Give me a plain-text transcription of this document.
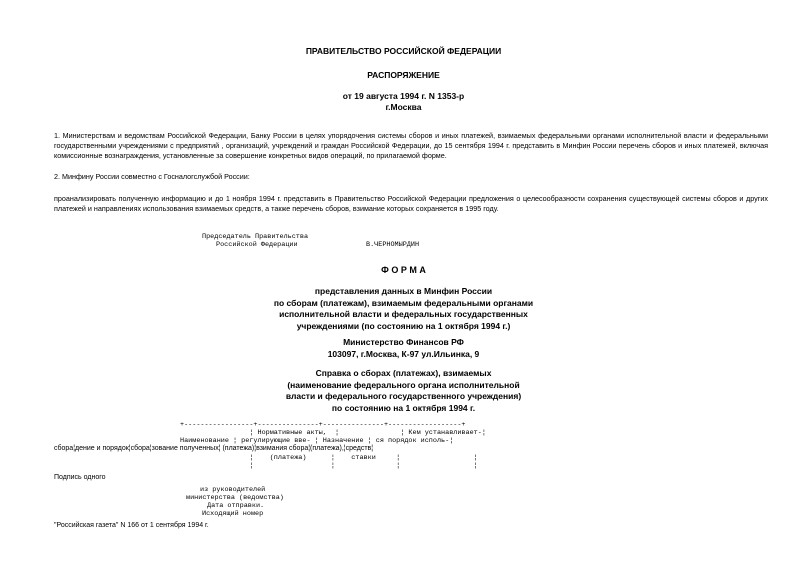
ПРАВИТЕЛЬСТВО РОССИЙСКОЙ ФЕДЕРАЦИИ
РАСПОРЯЖЕНИЕ
от 19 августа 1994 г. N 1353-р
г.Москва
1. Министерствам и ведомствам Российской Федерации, Банку России в целях упорядочения системы сборов и иных платежей, взимаемых федеральными органами исполнительной власти и федеральными государственными учреждениями с предприятий , организаций, учреждений и граждан Российской Федерации, до 15 сентября 1994 г. представить в Минфин России перечень сборов и иных платежей, включая комиссионные вознаграждения, установленные за совершение конкретных видов операций, по прилагаемой форме.
2. Минфину России совместно с Госналогслужбой России:
проанализировать полученную информацию и до 1 ноября 1994 г. представить в Правительство Российской Федерации предложения о целесообразности сохранения существующей системы сборов и других платежей и направлениях использования взимаемых средств, а также перечень сборов, взимание которых сохраняется в 1995 году.
Председатель Правительства
Российской Федерации	В.ЧЕРНОМЫРДИН
Ф О Р М А
представления данных в Минфин России
по сборам (платежам), взимаемым федеральными органами
исполнительной власти и федеральных государственных
учреждениями (по состоянию на 1 октября 1994 г.)
Министерство Финансов РФ
103097, г.Москва, К-97 ул.Ильинка, 9
Справка о сборах (платежах), взимаемых
(наименование федерального органа исполнительной
власти и федерального государственного учреждения)
по состоянию на 1 октября 1994 г.
+-----------------+---------------+---------------+------------------+
¦ Нормативные акты,  ¦               ¦ Кем устанавливает-¦
Наименование ¦ регулирующие вве- ¦ Назначение ¦ ся порядок исполь-¦
сбора¦дение и порядок¦сбора¦зование полученных¦ (платежа)¦взимания сбора¦(платежа),¦средств¦
¦    (платежа)      ¦    ставки     ¦                  ¦
¦                   ¦               ¦                  ¦
Подпись одного
из руководителей
министерства (ведомства)
Дата отправки.
Исходящий номер
"Российская газета" N 166 от 1 сентября 1994 г.
